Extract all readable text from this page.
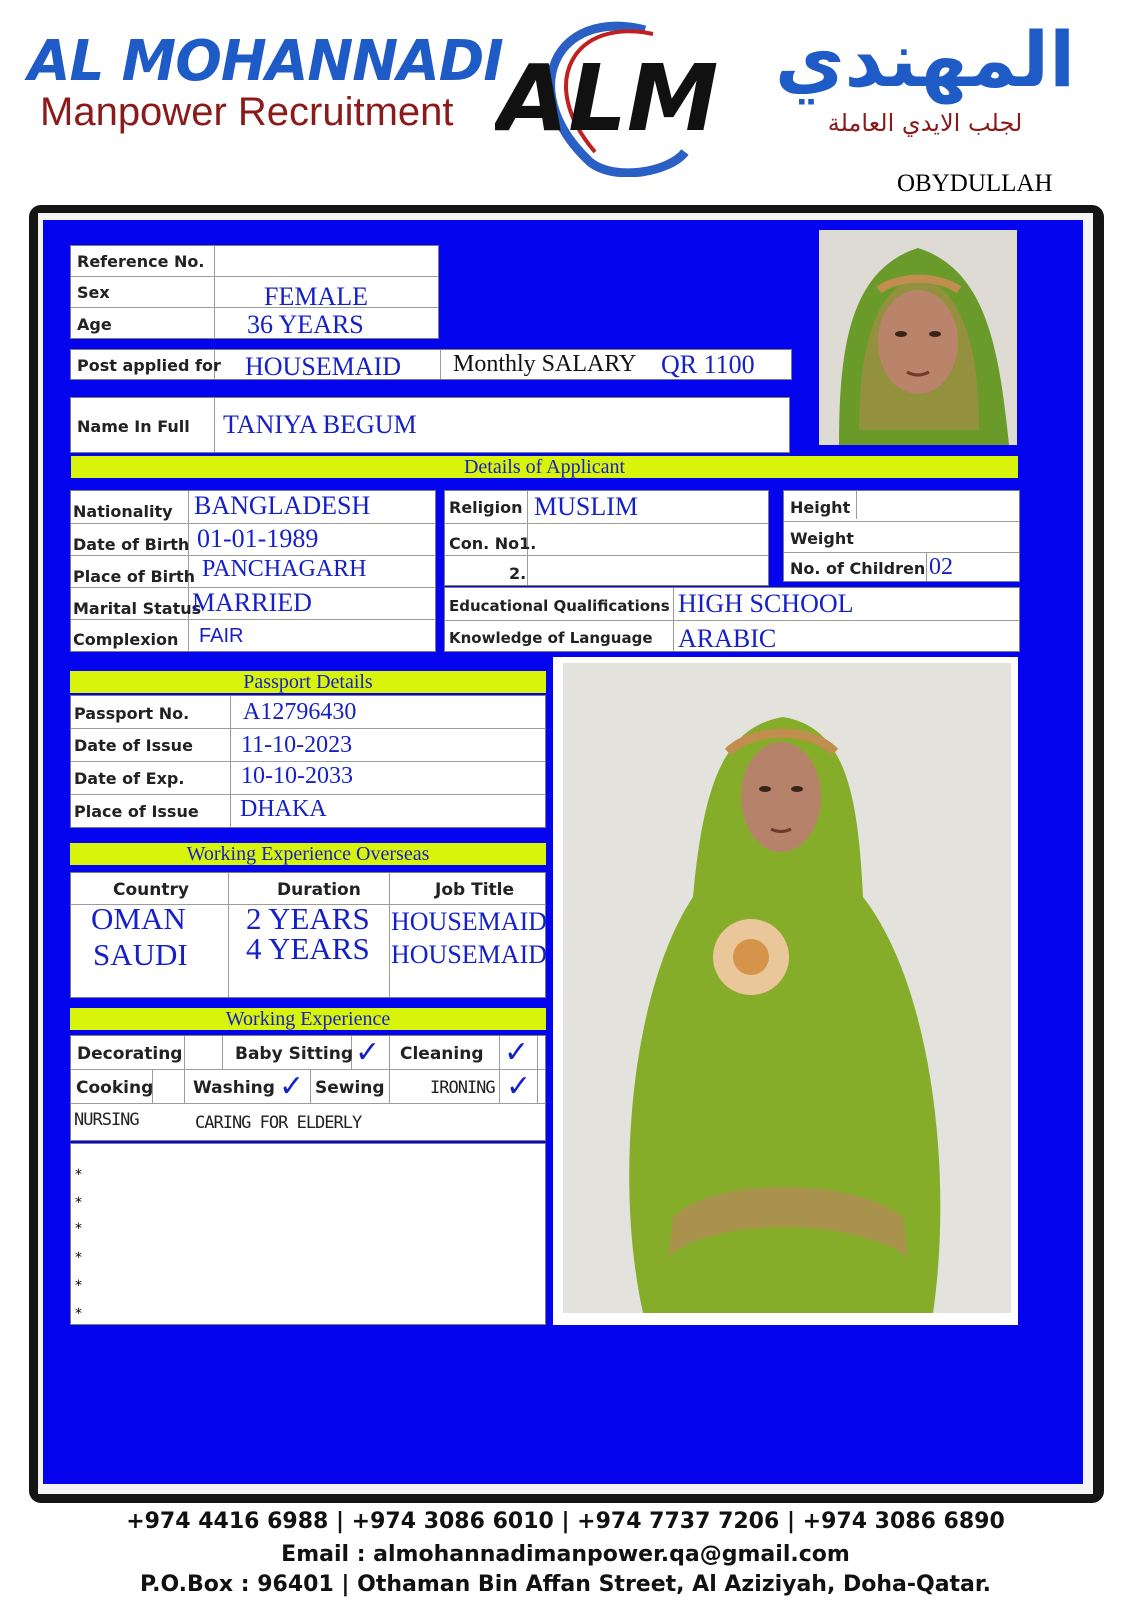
AL MOHANNADI
Manpower Recruitment ALM المهندي
لجلب الايدي العاملة
OBYDULLAH
Reference No.
Sex	FEMALE
Age	36 YEARS
Post applied for HOUSEMAID Monthly SALARY QR 1100
Name In Full TANIYA BEGUM
Details of Applicant
Nationality BANGLADESH
Date of Birth 01-01-1989
Place of Birth PANCHAGARH
Marital Status
MARRIED
Complexion FAIR
Religion MUSLIM
Con. No1.
2.
Height
Weight
No. of Children 02
Educational Qualifications HIGH SCHOOL
Knowledge of Language ARABIC
Passport Details
Passport No. A12796430
Date of Issue 11-10-2023
Date of Exp. 10-10-2033
Place of Issue DHAKA
Working Experience Overseas
Country	Duration	Job Title
OMAN 2 YEARS HOUSEMAID
SAUDI 4 YEARS HOUSEMAID
Working Experience
Decorating	Baby Sitting ✓ Cleaning ✓
Cooking Washing ✓ Sewing	IRONING ✓
NURSING	CARING FOR ELDERLY
*
*
*
*
*
*
+974 4416 6988 | +974 3086 6010 | +974 7737 7206 | +974 3086 6890
Email : almohannadimanpower.qa@gmail.com
P.O.Box : 96401 | Othaman Bin Affan Street, Al Aziziyah, Doha-Qatar.
